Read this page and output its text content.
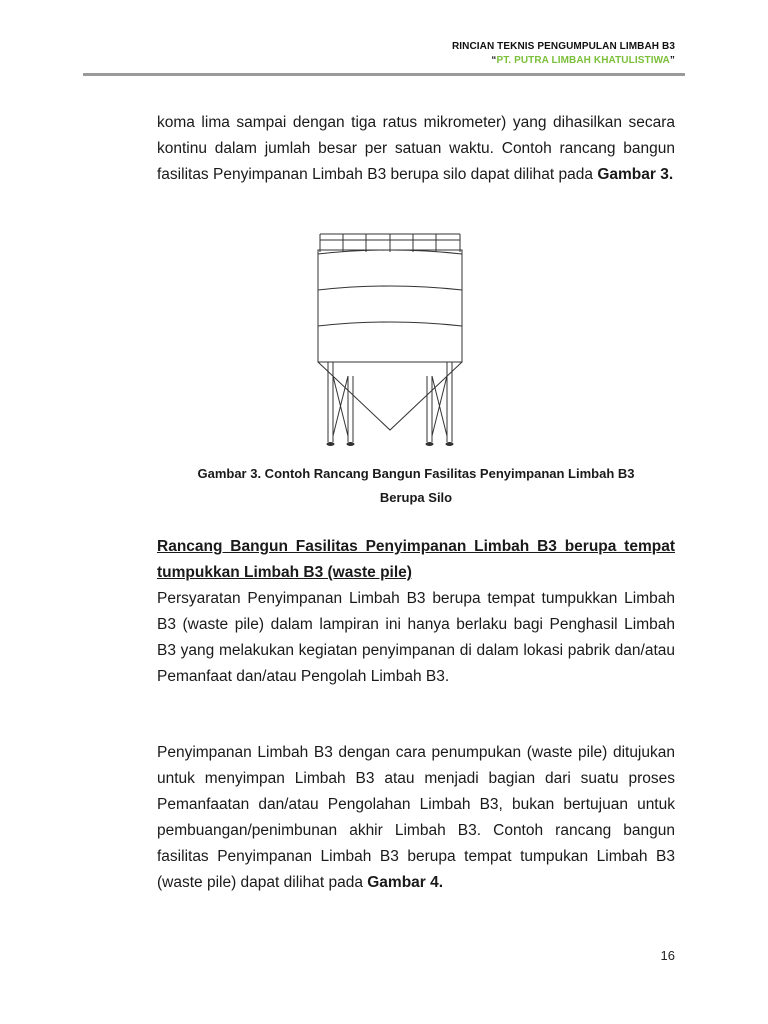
RINCIAN TEKNIS PENGUMPULAN LIMBAH B3
“PT. PUTRA LIMBAH KHATULISTIWA”
koma lima sampai dengan tiga ratus mikrometer) yang dihasilkan secara kontinu dalam jumlah besar per satuan waktu. Contoh rancang bangun fasilitas Penyimpanan Limbah B3 berupa silo dapat dilihat pada Gambar 3.
Gambar 3. Contoh Rancang Bangun Fasilitas Penyimpanan Limbah B3
Berupa Silo
Rancang Bangun Fasilitas Penyimpanan Limbah B3 berupa tempat tumpukkan Limbah B3 (waste pile)
Persyaratan Penyimpanan Limbah B3 berupa tempat tumpukkan Limbah B3 (waste pile) dalam lampiran ini hanya berlaku bagi Penghasil Limbah B3 yang melakukan kegiatan penyimpanan di dalam lokasi pabrik dan/atau Pemanfaat dan/atau Pengolah Limbah B3.
Penyimpanan Limbah B3 dengan cara penumpukan (waste pile) ditujukan untuk menyimpan Limbah B3 atau menjadi bagian dari suatu proses Pemanfaatan dan/atau Pengolahan Limbah B3, bukan bertujuan untuk pembuangan/penimbunan akhir Limbah B3. Contoh rancang bangun fasilitas Penyimpanan Limbah B3 berupa tempat tumpukan Limbah B3 (waste pile) dapat dilihat pada Gambar 4.
16
